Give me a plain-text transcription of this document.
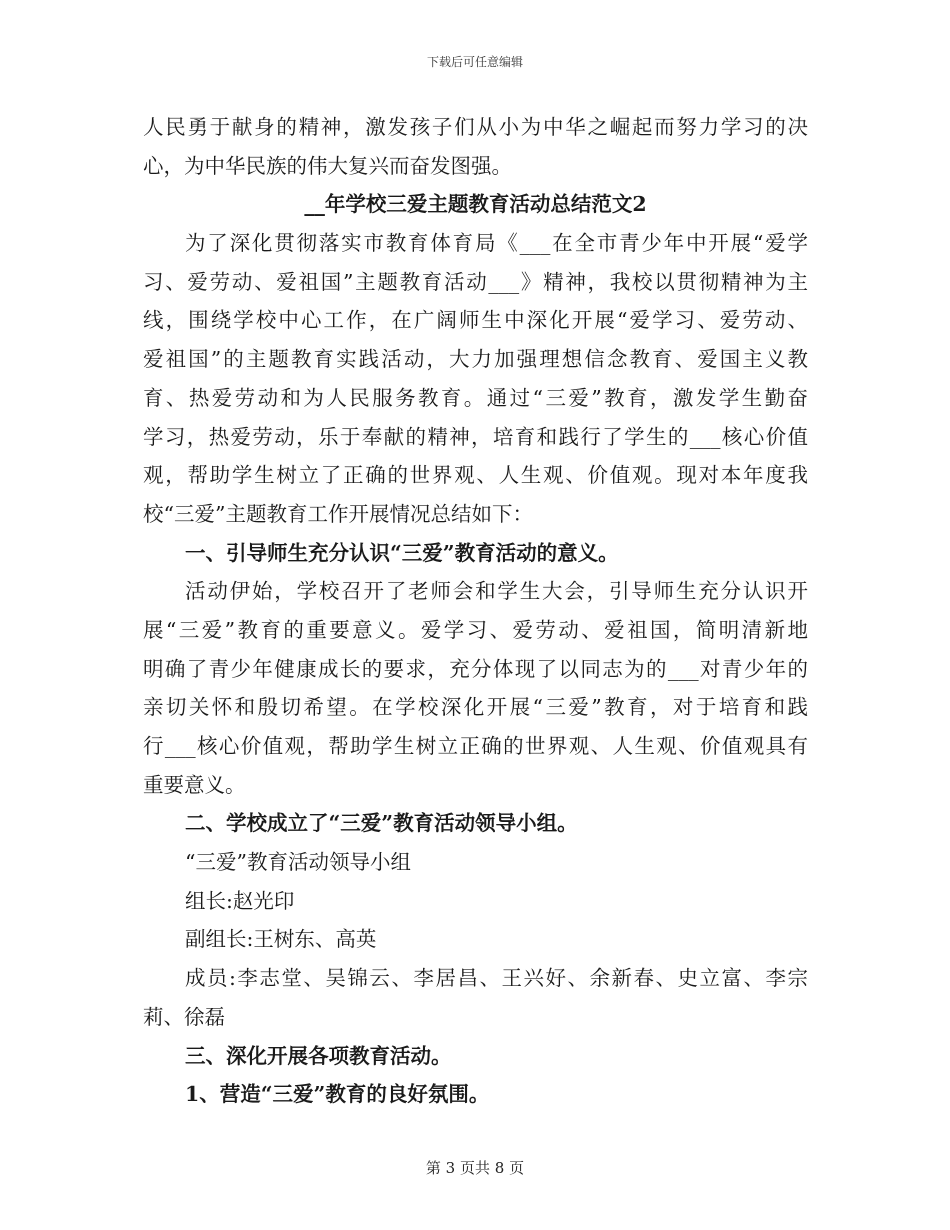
下载后可任意编辑
人民勇于献身的精神，激发孩子们从小为中华之崛起而努力学习的决
心，为中华民族的伟大复兴而奋发图强。
__年学校三爱主题教育活动总结范文2
为了深化贯彻落实市教育体育局《___在全市青少年中开展“爱学
习、爱劳动、爱祖国”主题教育活动___》精神，我校以贯彻精神为主
线，围绕学校中心工作，在广阔师生中深化开展“爱学习、爱劳动、
爱祖国”的主题教育实践活动，大力加强理想信念教育、爱国主义教
育、热爱劳动和为人民服务教育。通过“三爱”教育，激发学生勤奋
学习，热爱劳动，乐于奉献的精神，培育和践行了学生的___核心价值
观，帮助学生树立了正确的世界观、人生观、价值观。现对本年度我
校“三爱”主题教育工作开展情况总结如下：
一、引导师生充分认识“三爱”教育活动的意义。
活动伊始，学校召开了老师会和学生大会，引导师生充分认识开
展“三爱”教育的重要意义。爱学习、爱劳动、爱祖国，简明清新地
明确了青少年健康成长的要求，充分体现了以同志为的___对青少年的
亲切关怀和殷切希望。在学校深化开展“三爱”教育，对于培育和践
行___核心价值观，帮助学生树立正确的世界观、人生观、价值观具有
重要意义。
二、学校成立了“三爱”教育活动领导小组。
“三爱”教育活动领导小组
组长:赵光印
副组长:王树东、高英
成员:李志堂、吴锦云、李居昌、王兴好、余新春、史立富、李宗
莉、徐磊
三、深化开展各项教育活动。
1、营造“三爱”教育的良好氛围。
第 3 页共 8 页
